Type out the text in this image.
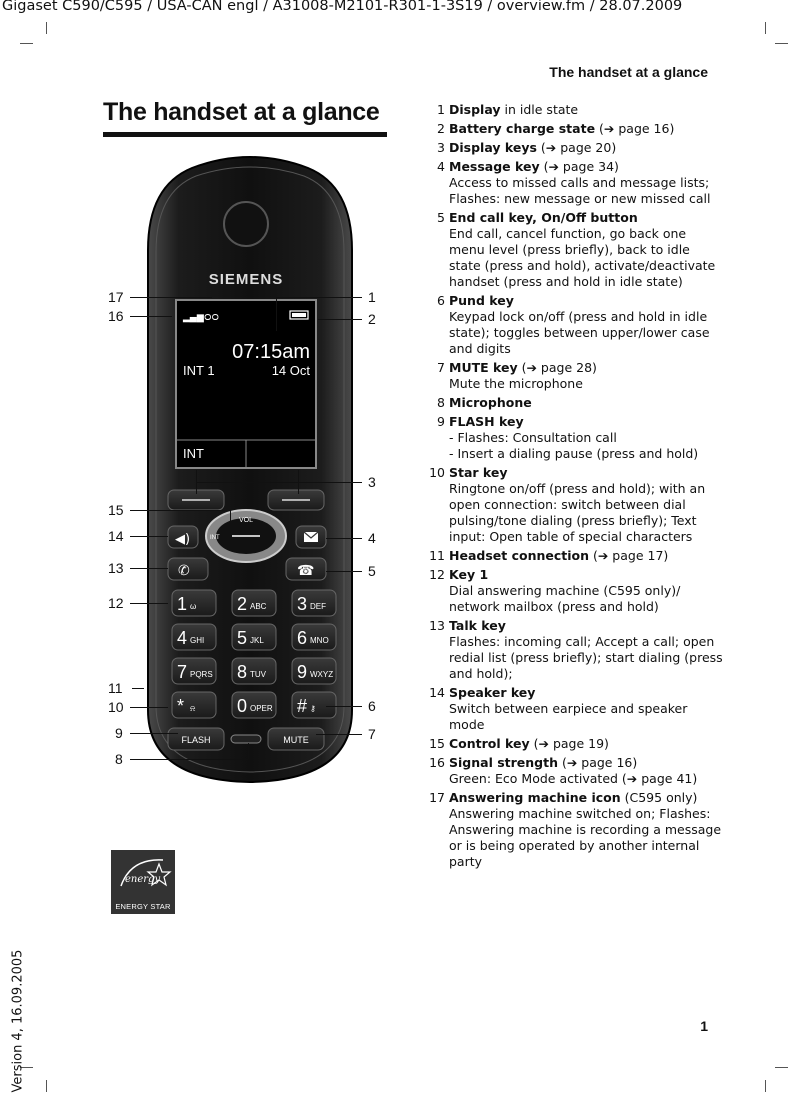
Gigaset C590/C595 / USA-CAN engl / A31008-M2101-R301-1-3S19 / overview.fm / 28.07.2009
The handset at a glance
The handset at a glance
SIEMENS
▂▄▆ ᴑᴑ
07:15am
INT 1	14 Oct
INT
VOL
INT
◀)
✆	☎
1 ω 2 ABC 3 DEF
4 GHI 5 JKL 6 MNO
7 PQRS 8 TUV 9 WXYZ
* ⍾ 0 OPER # ⚷
FLASH	MUTE
17
16
15
14
13
12
11
10
9
8
1
2
3
4
5
6
7
1 Display in idle state
2 Battery charge state (➔ page 16)
3 Display keys (➔ page 20)
4 Message key (➔ page 34)
Access to missed calls and message lists; Flashes: new message or new missed call
5 End call key, On/Off button
End call, cancel function, go back one menu level (press briefly), back to idle state (press and hold), activate/deactivate handset (press and hold in idle state)
6 Pund key
Keypad lock on/off (press and hold in idle state); toggles between upper/lower case and digits
7 MUTE key (➔ page 28)
Mute the microphone
8 Microphone
9 FLASH key
- Flashes: Consultation call
- Insert a dialing pause (press and hold)
10 Star key
Ringtone on/off (press and hold); with an open connection: switch between dial pulsing/tone dialing (press briefly); Text input: Open table of special characters
11 Headset connection (➔ page 17)
12 Key 1
Dial answering machine (C595 only)/ network mailbox (press and hold)
13 Talk key
Flashes: incoming call; Accept a call; open redial list (press briefly); start dialing (press and hold);
14 Speaker key
Switch between earpiece and speaker mode
15 Control key (➔ page 19)
16 Signal strength (➔ page 16)
Green: Eco Mode activated (➔ page 41)
17 Answering machine icon (C595 only)
Answering machine switched on; Flashes: Answering machine is recording a message or is being operated by another internal party
energy
ENERGY STAR
Version 4, 16.09.2005	1
